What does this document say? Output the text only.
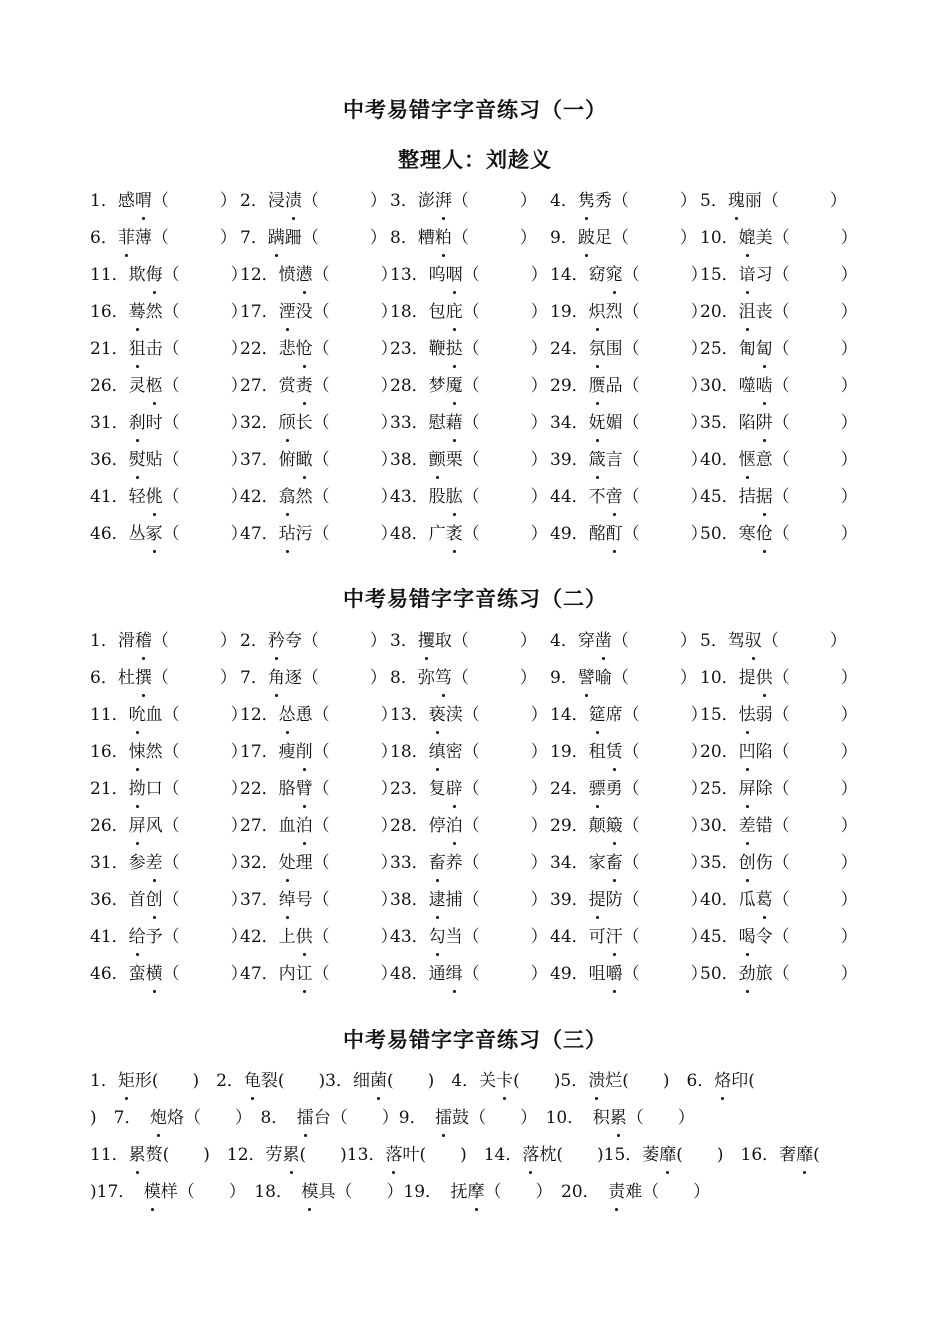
中考易错字字音练习（一）
整理人：刘趁义
1．感喟（　　　） 2．浸渍（　　　） 3．澎湃（　　　） 4．隽秀（　　　） 5．瑰丽（　　　）
6．菲薄（　　　） 7．蹒跚（　　　） 8．糟粕（　　　） 9．跛足（　　　） 10．媲美（　　　）
11．欺侮（　　　）
12．愤懑（　　　）
13．呜咽（　　　） 14．窈窕（　　　）
15．谙习（　　　）
16．蓦然（　　　）
17．湮没（　　　）
18．包庇（　　　） 19．炽烈（　　　）
20．沮丧（　　　）
21．狙击（　　　）
22．悲怆（　　　）
23．鞭挞（　　　） 24．氛围（　　　）
25．匍匐（　　　）
26．灵柩（　　　）
27．赏赉（　　　）
28．梦魇（　　　） 29．赝品（　　　）
30．噬啮（　　　）
31．刹时（　　　）
32．颀长（　　　）
33．慰藉（　　　） 34．妩媚（　　　）
35．陷阱（　　　）
36．熨贴（　　　）
37．俯瞰（　　　）
38．颤栗（　　　） 39．箴言（　　　）
40．惬意（　　　）
41．轻佻（　　　）
42．翕然（　　　）
43．股肱（　　　） 44．不啻（　　　）
45．拮据（　　　）
46．丛冢（　　　）
47．玷污（　　　）
48．广袤（　　　） 49．酩酊（　　　）
50．寒伧（　　　）
中考易错字字音练习（二）
1．滑稽（　　　） 2．矜夸（　　　） 3．攫取（　　　） 4．穿凿（　　　） 5．驾驭（　　　）
6．杜撰（　　　） 7．角逐（　　　） 8．弥笃（　　　） 9．譬喻（　　　） 10．提供（　　　）
11．吮血（　　　）
12．怂恿（　　　）
13．亵渎（　　　） 14．筵席（　　　）
15．怯弱（　　　）
16．悚然（　　　）
17．瘦削（　　　）
18．缜密（　　　） 19．租赁（　　　）
20．凹陷（　　　）
21．拗口（　　　）
22．胳臂（　　　）
23．复辟（　　　） 24．骠勇（　　　）
25．屏除（　　　）
26．屏风（　　　）
27．血泊（　　　）
28．停泊（　　　） 29．颠簸（　　　）
30．差错（　　　）
31．参差（　　　）
32．处理（　　　）
33．畜养（　　　） 34．家畜（　　　）
35．创伤（　　　）
36．首创（　　　）
37．绰号（　　　）
38．逮捕（　　　） 39．提防（　　　）
40．瓜葛（　　　）
41．给予（　　　）
42．上供（　　　）
43．勾当（　　　） 44．可汗（　　　）
45．喝令（　　　）
46．蛮横（　　　）
47．内讧（　　　）
48．通缉（　　　） 49．咀嚼（　　　）
50．劲旅（　　　）
中考易错字字音练习（三）
1．矩形(　　)　2．龟裂(　　)3．细菌(　　)　4．关卡(　　)5．溃烂(　　)　6．烙印(
)　7．　炮烙（　　）　8．　擂台（　　）9．　擂鼓（　　）　10．　积累（　　）
11．累赘(　　)　12．劳累(　　)13．落叶(　　)　14．落枕(　　)15．萎靡(　　)　16．奢靡(
)17．　模样（　　）　18．　模具（　　）19．　抚摩（　　）　20．　责难（　　）
